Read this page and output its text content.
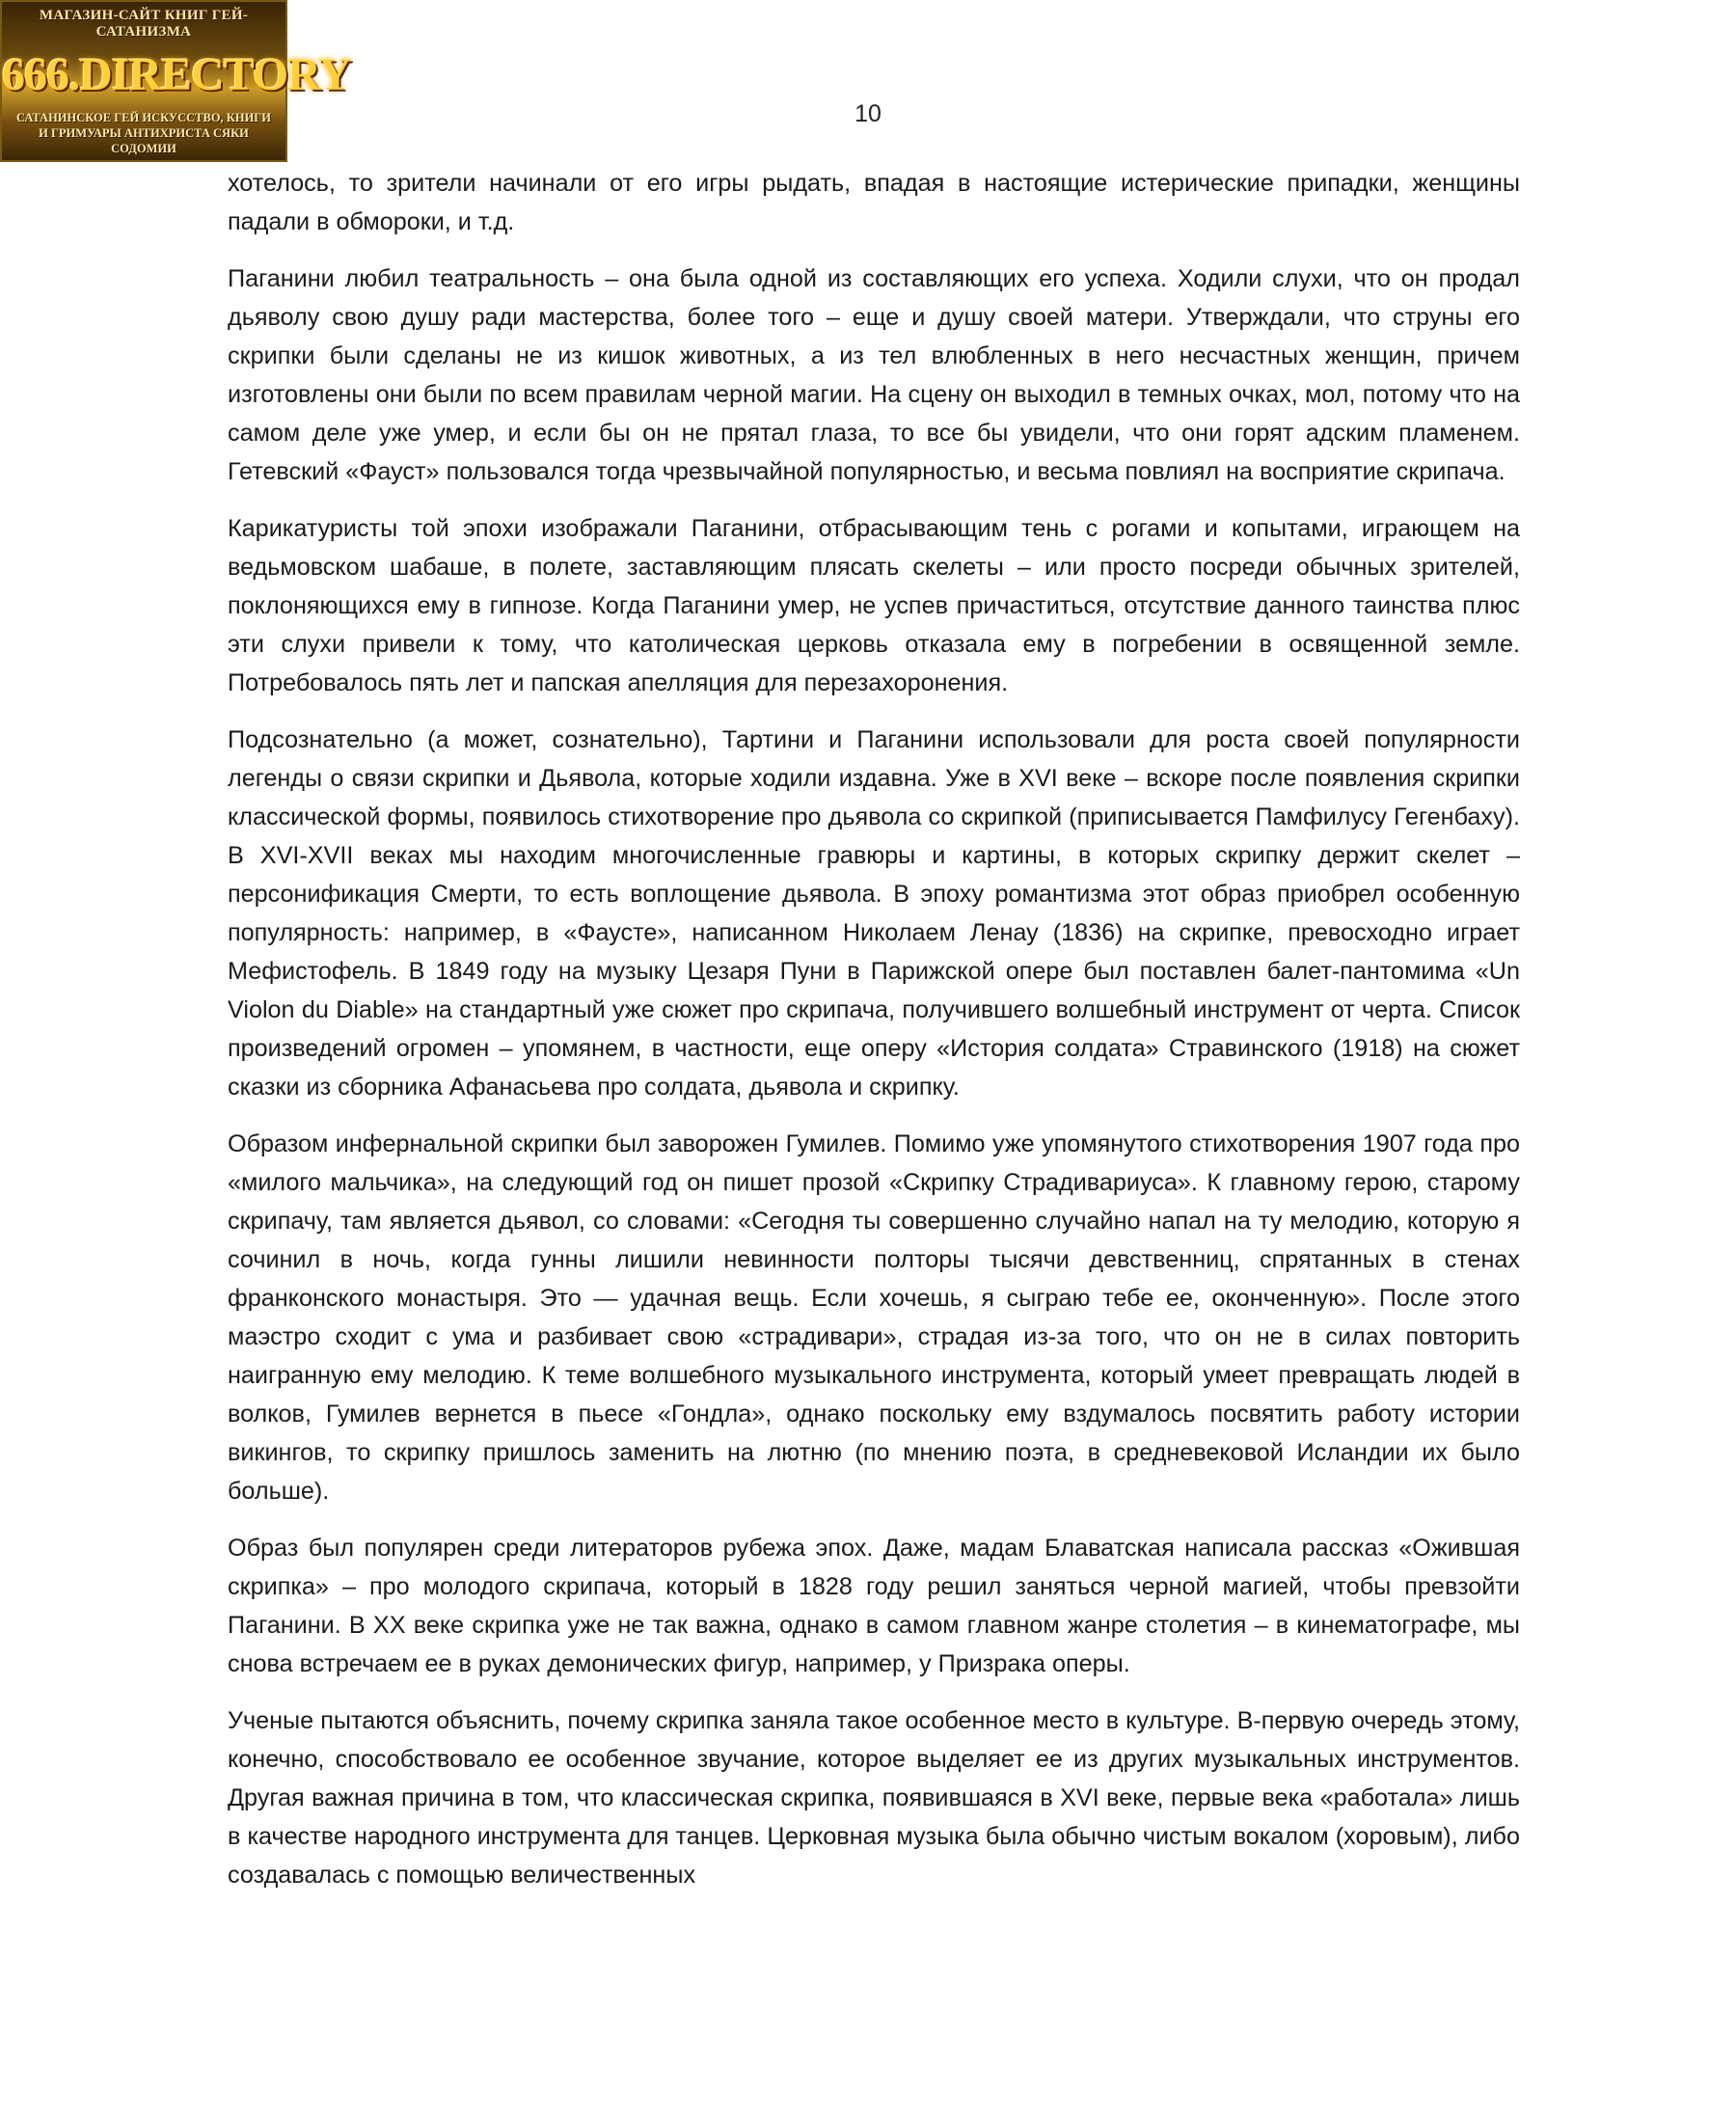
МАГАЗИН-САЙТ КНИГ ГЕЙ-САТАНИЗМА
666.DIRECTORY
САТАНИНСКОЕ ГЕЙ ИСКУССТВО, КНИГИ
И ГРИМУАРЫ АНТИХРИСТА СЯКИ СОДОМИИ
10

хотелось, то зрители начинали от его игры рыдать, впадая в настоящие истерические припадки, женщины падали в обмороки, и т.д.

Паганини любил театральность – она была одной из составляющих его успеха. Ходили слухи, что он продал дьяволу свою душу ради мастерства, более того – еще и душу своей матери. Утверждали, что струны его скрипки были сделаны не из кишок животных, а из тел влюбленных в него несчастных женщин, причем изготовлены они были по всем правилам черной магии. На сцену он выходил в темных очках, мол, потому что на самом деле уже умер, и если бы он не прятал глаза, то все бы увидели, что они горят адским пламенем. Гетевский «Фауст» пользовался тогда чрезвычайной популярностью, и весьма повлиял на восприятие скрипача.

Карикатуристы той эпохи изображали Паганини, отбрасывающим тень с рогами и копытами, играющем на ведьмовском шабаше, в полете, заставляющим плясать скелеты – или просто посреди обычных зрителей, поклоняющихся ему в гипнозе. Когда Паганини умер, не успев причаститься, отсутствие данного таинства плюс эти слухи привели к тому, что католическая церковь отказала ему в погребении в освященной земле. Потребовалось пять лет и папская апелляция для перезахоронения.

Подсознательно (а может, сознательно), Тартини и Паганини использовали для роста своей популярности легенды о связи скрипки и Дьявола, которые ходили издавна. Уже в XVI веке – вскоре после появления скрипки классической формы, появилось стихотворение про дьявола со скрипкой (приписывается Памфилусу Гегенбаху). В XVI-XVII веках мы находим многочисленные гравюры и картины, в которых скрипку держит скелет – персонификация Смерти, то есть воплощение дьявола. В эпоху романтизма этот образ приобрел особенную популярность: например, в «Фаусте», написанном Николаем Ленау (1836) на скрипке, превосходно играет Мефистофель. В 1849 году на музыку Цезаря Пуни в Парижской опере был поставлен балет-пантомима «Un Violon du Diable» на стандартный уже сюжет про скрипача, получившего волшебный инструмент от черта. Список произведений огромен – упомянем, в частности, еще оперу «История солдата» Стравинского (1918) на сюжет сказки из сборника Афанасьева про солдата, дьявола и скрипку.

Образом инфернальной скрипки был заворожен Гумилев. Помимо уже упомянутого стихотворения 1907 года про «милого мальчика», на следующий год он пишет прозой «Скрипку Страдивариуса». К главному герою, старому скрипачу, там является дьявол, со словами: «Сегодня ты совершенно случайно напал на ту мелодию, которую я сочинил в ночь, когда гунны лишили невинности полторы тысячи девственниц, спрятанных в стенах франконского монастыря. Это — удачная вещь. Если хочешь, я сыграю тебе ее, оконченную». После этого маэстро сходит с ума и разбивает свою «страдивари», страдая из-за того, что он не в силах повторить наигранную ему мелодию. К теме волшебного музыкального инструмента, который умеет превращать людей в волков, Гумилев вернется в пьесе «Гондла», однако поскольку ему вздумалось посвятить работу истории викингов, то скрипку пришлось заменить на лютню (по мнению поэта, в средневековой Исландии их было больше).

Образ был популярен среди литераторов рубежа эпох. Даже, мадам Блаватская написала рассказ «Ожившая скрипка» – про молодого скрипача, который в 1828 году решил заняться черной магией, чтобы превзойти Паганини. В XX веке скрипка уже не так важна, однако в самом главном жанре столетия – в кинематографе, мы снова встречаем ее в руках демонических фигур, например, у Призрака оперы.

Ученые пытаются объяснить, почему скрипка заняла такое особенное место в культуре. В-первую очередь этому, конечно, способствовало ее особенное звучание, которое выделяет ее из других музыкальных инструментов. Другая важная причина в том, что классическая скрипка, появившаяся в XVI веке, первые века «работала» лишь в качестве народного инструмента для танцев. Церковная музыка была обычно чистым вокалом (хоровым), либо создавалась с помощью величественных
